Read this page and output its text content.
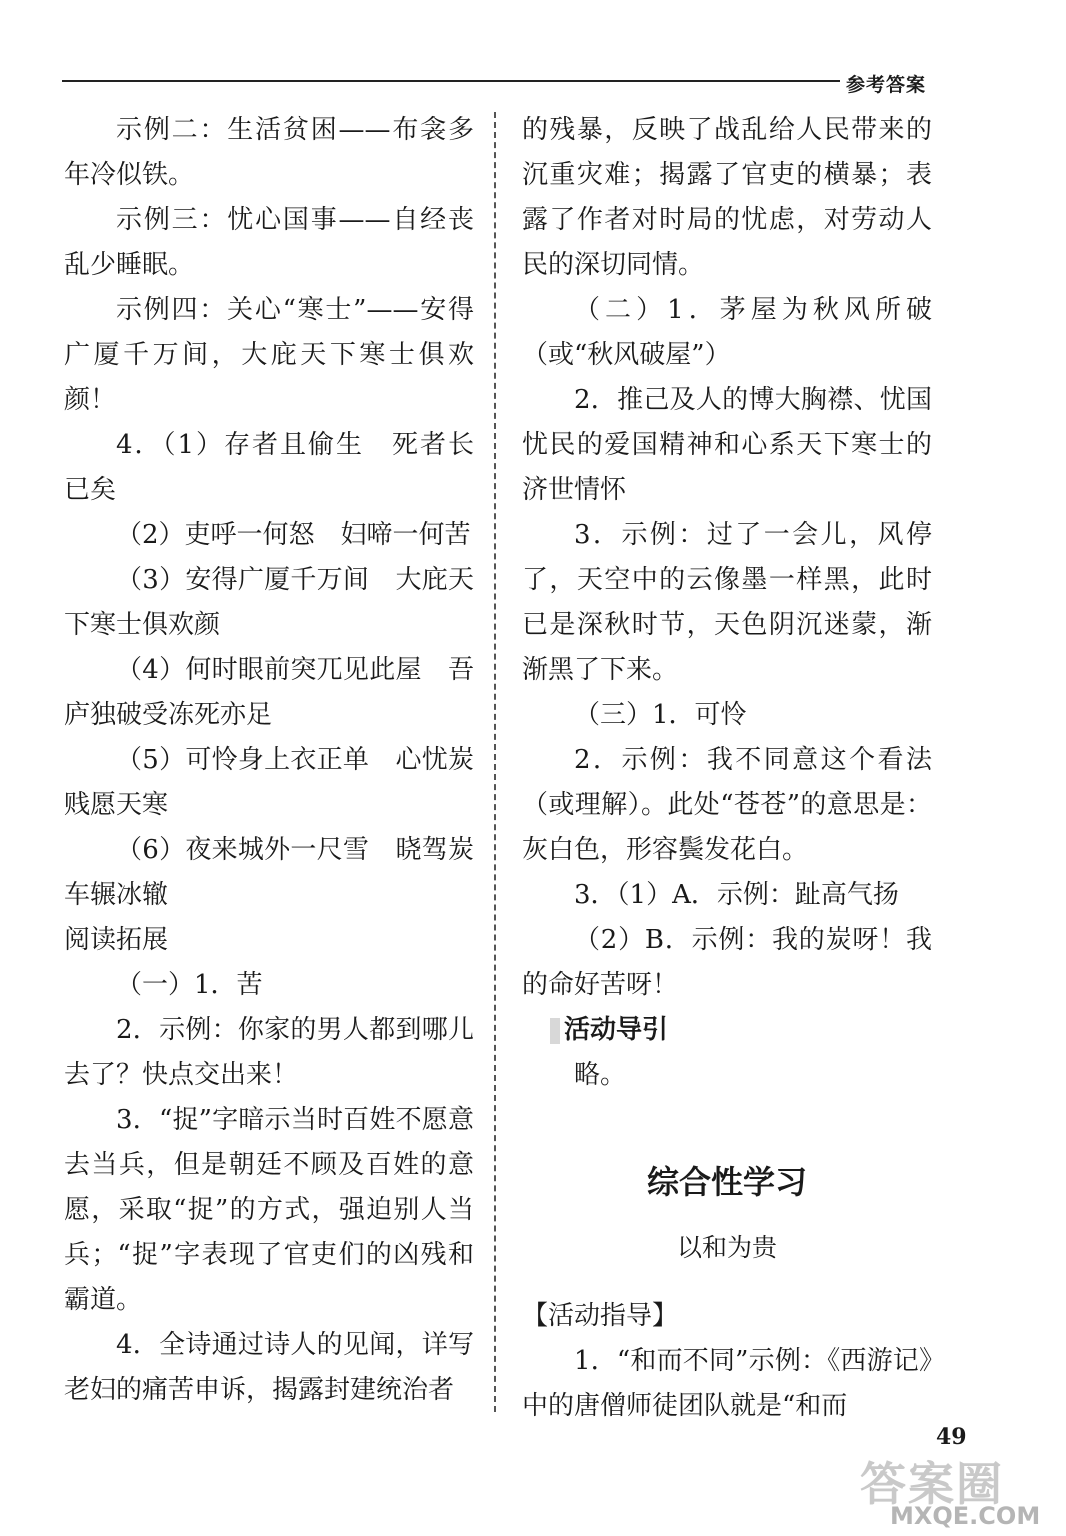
参考答案

示例二：生活贫困——布衾多年冷似铁。

示例三：忧心国事——自经丧乱少睡眠。

示例四：关心“寒士”——安得广厦千万间，大庇天下寒士俱欢颜！

4．（1）存者且偷生　死者长已矣

（2）吏呼一何怒　妇啼一何苦

（3）安得广厦千万间　大庇天下寒士俱欢颜

（4）何时眼前突兀见此屋　吾庐独破受冻死亦足

（5）可怜身上衣正单　心忧炭贱愿天寒

（6）夜来城外一尺雪　晓驾炭车辗冰辙

阅读拓展

（一）1．苦

2．示例：你家的男人都到哪儿去了？快点交出来！

3．“捉”字暗示当时百姓不愿意去当兵，但是朝廷不顾及百姓的意愿，采取“捉”的方式，强迫别人当兵；“捉”字表现了官吏们的凶残和霸道。

4．全诗通过诗人的见闻，详写老妇的痛苦申诉，揭露封建统治者

的残暴，反映了战乱给人民带来的沉重灾难；揭露了官吏的横暴；表露了作者对时局的忧虑，对劳动人民的深切同情。

（二）1．茅屋为秋风所破（或“秋风破屋”）

2．推己及人的博大胸襟、忧国忧民的爱国精神和心系天下寒士的济世情怀

3．示例：过了一会儿，风停了，天空中的云像墨一样黑，此时已是深秋时节，天色阴沉迷蒙，渐渐黑了下来。

（三）1．可怜

2．示例：我不同意这个看法（或理解）。此处“苍苍”的意思是：灰白色，形容鬓发花白。

3．（1）A．示例：趾高气扬

（2）B．示例：我的炭呀！我的命好苦呀！

活动导引

略。

综合性学习

以和为贵

【活动指导】

1．“和而不同”示例：《西游记》中的唐僧师徒团队就是“和而

49
答案圈
MXQE.COM
